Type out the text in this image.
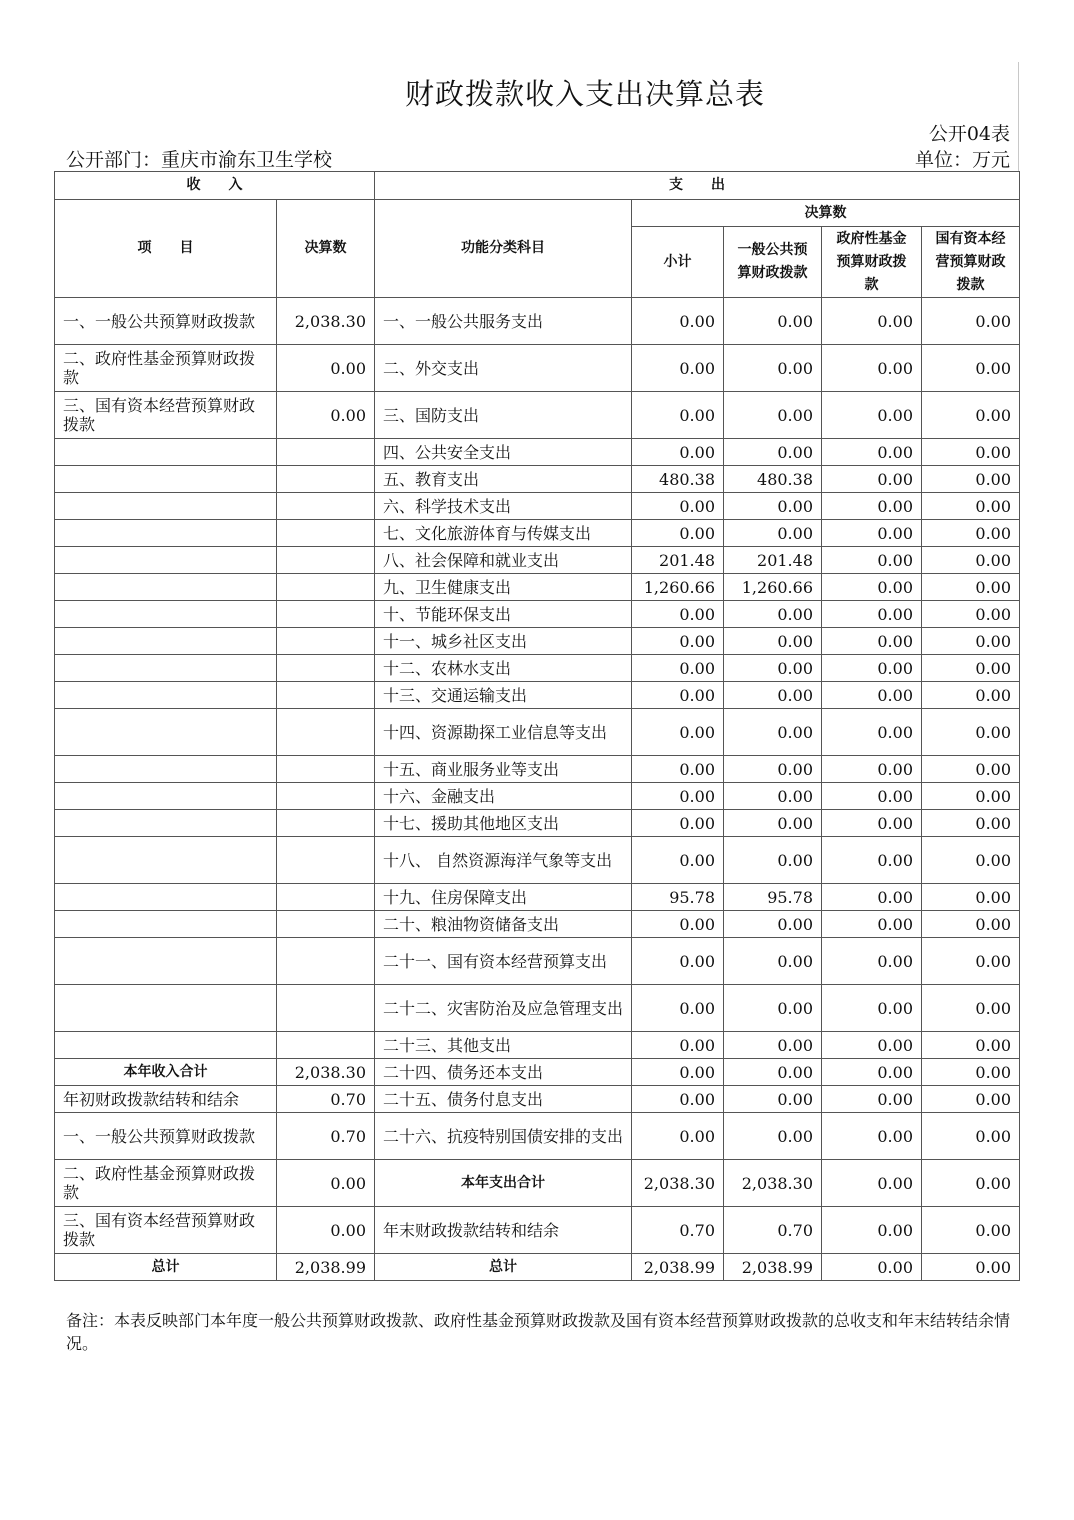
财政拨款收入支出决算总表
公开04表
公开部门：重庆市渝东卫生学校	单位：万元
收　　入		支　　出				
项　　目	决算数	功能分类科目	决算数			
			小计	一般公共预算财政拨款	政府性基金预算财政拨款	国有资本经营预算财政拨款
一、一般公共预算财政拨款	2,038.30	一、一般公共服务支出	0.00	0.00	0.00	0.00
二、政府性基金预算财政拨款	0.00	二、外交支出	0.00	0.00	0.00	0.00
三、国有资本经营预算财政拨款	0.00	三、国防支出	0.00	0.00	0.00	0.00
		四、公共安全支出	0.00	0.00	0.00	0.00
		五、教育支出	480.38	480.38	0.00	0.00
		六、科学技术支出	0.00	0.00	0.00	0.00
		七、文化旅游体育与传媒支出	0.00	0.00	0.00	0.00
		八、社会保障和就业支出	201.48	201.48	0.00	0.00
		九、卫生健康支出	1,260.66	1,260.66	0.00	0.00
		十、节能环保支出	0.00	0.00	0.00	0.00
		十一、城乡社区支出	0.00	0.00	0.00	0.00
		十二、农林水支出	0.00	0.00	0.00	0.00
		十三、交通运输支出	0.00	0.00	0.00	0.00
		十四、资源勘探工业信息等支出	0.00	0.00	0.00	0.00
		十五、商业服务业等支出	0.00	0.00	0.00	0.00
		十六、金融支出	0.00	0.00	0.00	0.00
		十七、援助其他地区支出	0.00	0.00	0.00	0.00
		十八、 自然资源海洋气象等支出	0.00	0.00	0.00	0.00
		十九、住房保障支出	95.78	95.78	0.00	0.00
		二十、粮油物资储备支出	0.00	0.00	0.00	0.00
		二十一、国有资本经营预算支出	0.00	0.00	0.00	0.00
		二十二、灾害防治及应急管理支出	0.00	0.00	0.00	0.00
		二十三、其他支出	0.00	0.00	0.00	0.00
本年收入合计	2,038.30	二十四、债务还本支出	0.00	0.00	0.00	0.00
年初财政拨款结转和结余	0.70	二十五、债务付息支出	0.00	0.00	0.00	0.00
一、一般公共预算财政拨款	0.70	二十六、抗疫特别国债安排的支出	0.00	0.00	0.00	0.00
二、政府性基金预算财政拨款	0.00	本年支出合计	2,038.30	2,038.30	0.00	0.00
三、国有资本经营预算财政拨款	0.00	年末财政拨款结转和结余	0.70	0.70	0.00	0.00
总计	2,038.99	总计	2,038.99	2,038.99	0.00	0.00
备注：本表反映部门本年度一般公共预算财政拨款、政府性基金预算财政拨款及国有资本经营预算财政拨款的总收支和年末结转结余情况。
